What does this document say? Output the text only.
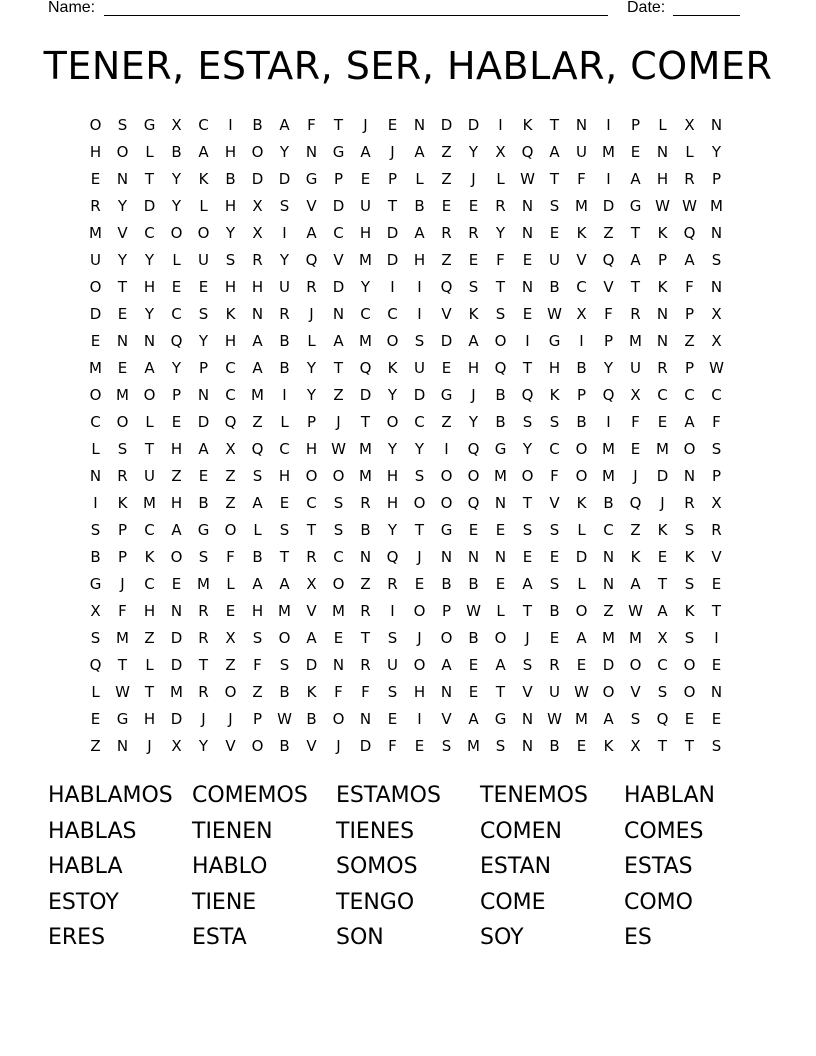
Name:	Date:
TENER, ESTAR, SER, HABLAR, COMER
O	S	G	X	C	I	B	A	F	T	J	E	N	D	D	I	K	T	N	I	P	L	X	N
H	O	L	B	A	H	O	Y	N	G	A	J	A	Z	Y	X	Q	A	U	M	E	N	L	Y
E	N	T	Y	K	B	D	D	G	P	E	P	L	Z	J	L	W T	F	I	A	H	R	P
R	Y	D	Y	L	H	X	S	V	D	U	T	B	E	E	R	N	S	M D	G W W M
M	V	C	O	O	Y	X	I	A	C	H	D	A	R	R	Y	N	E	K	Z	T	K	Q	N
U	Y	Y	L	U	S	R	Y	Q	V	M D	H	Z	E	F	E	U	V	Q	A	P	A	S
O	T	H	E	E	H	H	U	R	D	Y	I	I	Q	S	T	N	B	C	V	T	K	F	N
D	E	Y	C	S	K	N	R	J	N	C	C	I	V	K	S	E W X	F	R	N	P	X
E	N	N	Q	Y	H	A	B	L	A	M O	S	D	A	O	I	G	I	P	M N	Z	X
M	E	A	Y	P	C	A	B	Y	T	Q	K	U	E	H	Q	T	H	B	Y	U	R	P	W
O M O	P	N	C	M	I	Y	Z	D	Y	D	G	J	B	Q	K	P	Q	X	C	C	C
C	O	L	E	D	Q	Z	L	P	J	T	O	C	Z	Y	B	S	S	B	I	F	E	A	F
L	S	T	H	A	X	Q	C	H W M	Y	Y	I	Q	G	Y	C	O M	E	M O	S
N	R	U	Z	E	Z	S	H	O	O M H	S	O	O M O	F	O M	J	D	N	P
I	K	M H	B	Z	A	E	C	S	R	H	O	O	Q	N	T	V	K	B	Q	J	R	X
S	P	C	A	G	O	L	S	T	S	B	Y	T	G	E	E	S	S	L	C	Z	K	S	R
B	P	K	O	S	F	B	T	R	C	N	Q	J	N	N	N	E	E	D	N	K	E	K	V
G	J	C	E	M	L	A	A	X	O	Z	R	E	B	B	E	A	S	L	N	A	T	S	E
X	F	H	N	R	E	H M	V	M	R	I	O	P	W	L	T	B	O	Z W A	K	T
S	M	Z	D	R	X	S	O	A	E	T	S	J	O	B	O	J	E	A	M M	X	S	I
Q	T	L	D	T	Z	F	S	D	N	R	U	O	A	E	A	S	R	E	D	O	C	O	E
L	W T	M	R	O	Z	B	K	F	F	S	H	N	E	T	V	U W O	V	S	O	N
E	G	H	D	J	J	P	W B	O	N	E	I	V	A	G	N W M	A	S	Q	E	E
Z	N	J	X	Y	V	O	B	V	J	D	F	E	S	M	S	N	B	E	K	X	T	T	S
HABLAMOS COMEMOS	ESTAMOS	TENEMOS	HABLAN
HABLAS	TIENEN	TIENES	COMEN	COMES
HABLA	HABLO	SOMOS	ESTAN	ESTAS
ESTOY	TIENE	TENGO	COME	COMO
ERES	ESTA	SON	SOY	ES
